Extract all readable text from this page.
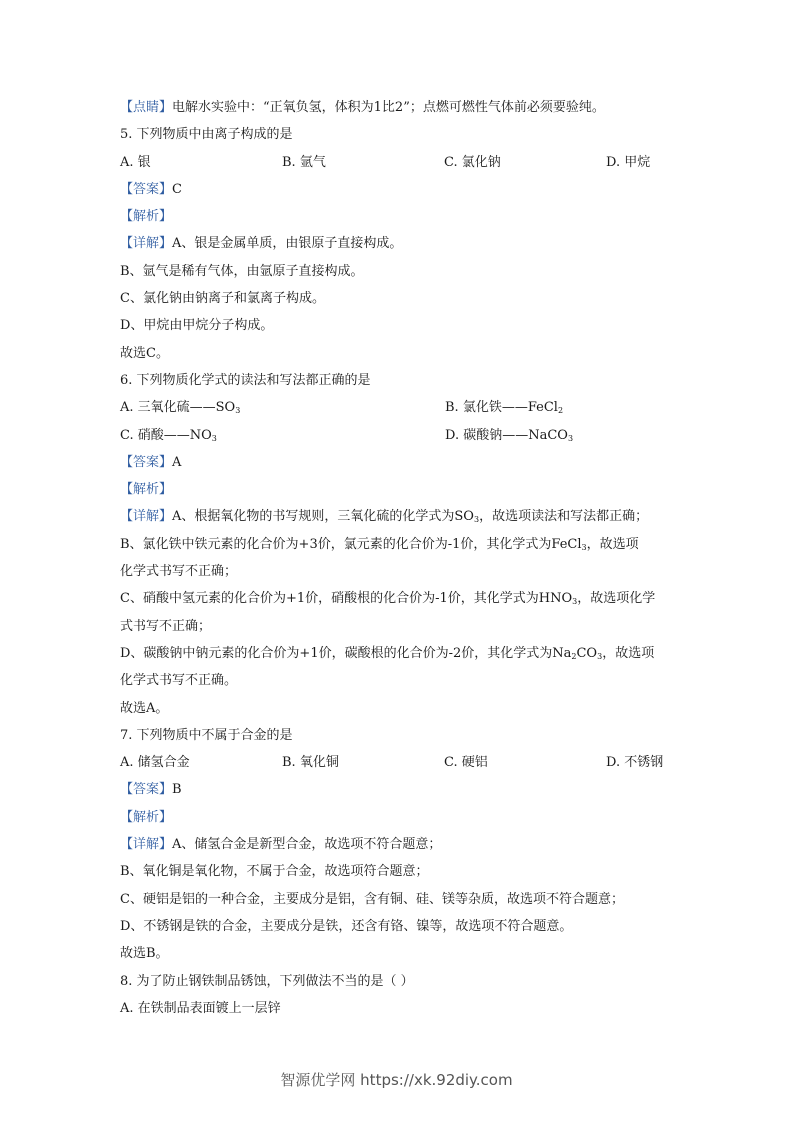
【点睛】电解水实验中：“正氧负氢，体积为1比2”；点燃可燃性气体前必须要验纯。
5. 下列物质中由离子构成的是
A. 银	B. 氩气	C. 氯化钠	D. 甲烷
【答案】C
【解析】
【详解】A、银是金属单质，由银原子直接构成。
B、氩气是稀有气体，由氩原子直接构成。
C、氯化钠由钠离子和氯离子构成。
D、甲烷由甲烷分子构成。
故选C。
6. 下列物质化学式的读法和写法都正确的是
A. 三氧化硫$——SO_3$	B. 氯化铁——FeCl$_2$
C. 硝酸$——NO_3$	D. 碳酸钠——NaCO$_3$
【答案】A
【解析】
【详解】A、根据氧化物的书写规则，三氧化硫的化学式为$SO_3$，故选项读法和写法都正确；
B、氯化铁中铁元素的化合价为+3价，氯元素的化合价为-1价，其化学式为FeCl$_3$，故选项
化学式书写不正确；
C、硝酸中氢元素的化合价为+1价，硝酸根的化合价为-1价，其化学式为$HNO_3$，故选项化学
式书写不正确；
D、碳酸钠中钠元素的化合价为+1价，碳酸根的化合价为-2价，其化学式为$Na_2CO_3$，故选项
化学式书写不正确。
故选A。
7. 下列物质中不属于合金的是
A. 储氢合金	B. 氧化铜	C. 硬铝	D. 不锈钢
【答案】B
【解析】
【详解】A、储氢合金是新型合金，故选项不符合题意；
B、氧化铜是氧化物，不属于合金，故选项符合题意；
C、硬铝是铝的一种合金，主要成分是铝，含有铜、硅、镁等杂质，故选项不符合题意；
D、不锈钢是铁的合金，主要成分是铁，还含有铬、镍等，故选项不符合题意。
故选B。
8. 为了防止钢铁制品锈蚀，下列做法不当的是（ ）
A. 在铁制品表面镀上一层锌
智源优学网 https://xk.92diy.com
